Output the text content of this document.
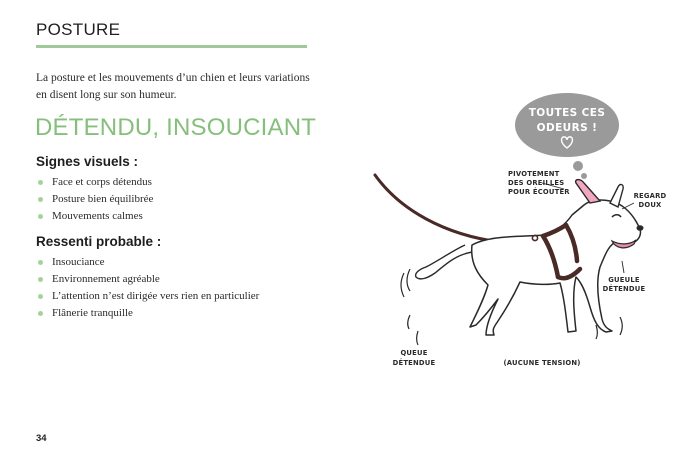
POSTURE
La posture et les mouvements d’un chien et leurs variations en disent long sur son humeur.
DÉTENDU, INSOUCIANT
Signes visuels :
Face et corps détendus
Posture bien équilibrée
Mouvements calmes
Ressenti probable :
Insouciance
Environnement agréable
L’attention n’est dirigée vers rien en particulier
Flânerie tranquille
34
TOUTES CES
ODEURS !
PIVOTEMENT
DES OREILLES
POUR ÉCOUTER	REGARD
DOUX
GUEULE
DÉTENDUE
QUEUE
DÉTENDUE	(AUCUNE TENSION)
